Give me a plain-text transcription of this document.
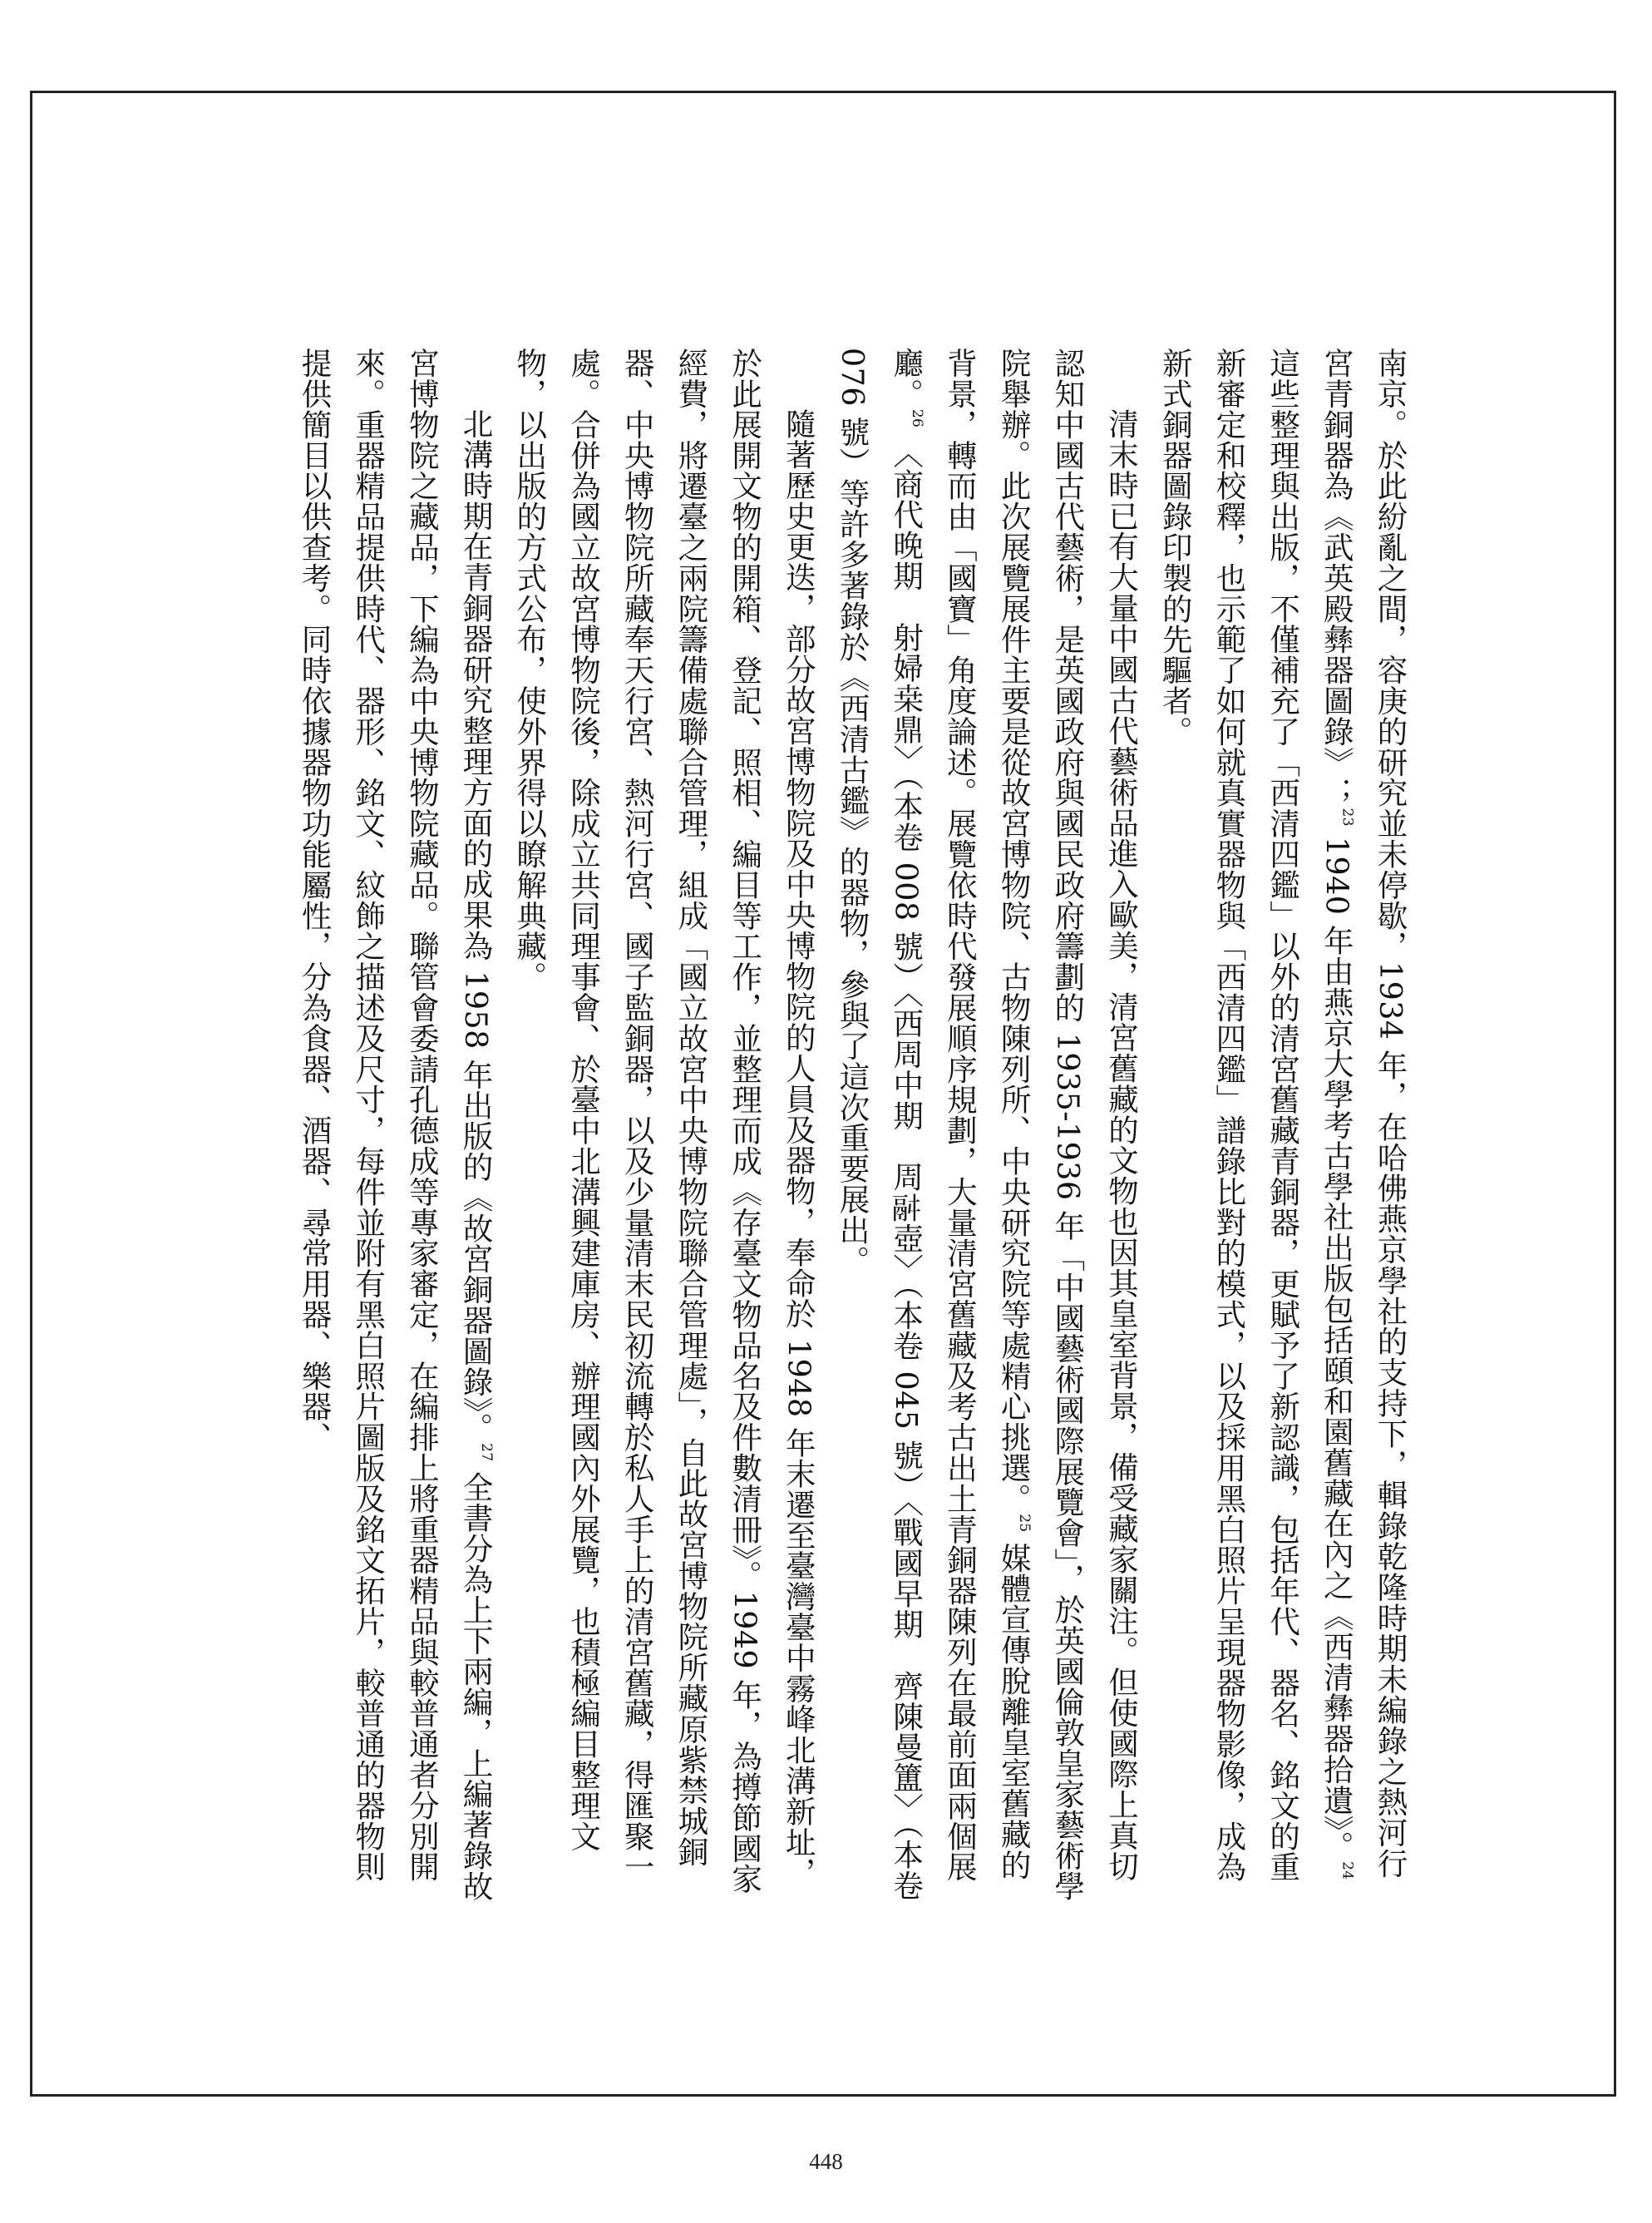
南京。於此紛亂之間，容庚的研究並未停歇，1934 年，在哈佛燕京學社的支持下，輯錄乾隆時期未編錄之熱河行宮青銅器為《武英殿彝器圖錄》；$^{23}$ 1940 年由燕京大學考古學社出版包括頤和園舊藏在內之《西清彝器拾遺》。$^{24}$ 這些整理與出版，不僅補充了「西清四鑑」以外的清宮舊藏青銅器，更賦予了新認識，包括年代、器名、銘文的重新審定和校釋，也示範了如何就真實器物與「西清四鑑」譜錄比對的模式，以及採用黑白照片呈現器物影像，成為新式銅器圖錄印製的先驅者。

清末時已有大量中國古代藝術品進入歐美，清宮舊藏的文物也因其皇室背景，備受藏家關注。但使國際上真切認知中國古代藝術，是英國政府與國民政府籌劃的 1935-1936 年「中國藝術國際展覽會」，於英國倫敦皇家藝術學院舉辦。此次展覽展件主要是從故宮博物院、古物陳列所、中央研究院等處精心挑選。$^{25}$ 媒體宣傳脫離皇室舊藏的背景，轉而由「國寶」角度論述。展覽依時代發展順序規劃，大量清宮舊藏及考古出土青銅器陳列在最前面兩個展廳。$^{26}$ 〈商代晚期　射婦桒鼎〉（本卷 008 號）〈西周中期　周𩰫壺〉（本卷 045 號）〈戰國早期　齊陳曼簠〉（本卷 076 號）等許多著錄於《西清古鑑》的器物，參與了這次重要展出。

隨著歷史更迭，部分故宮博物院及中央博物院的人員及器物，奉命於 1948 年末遷至臺灣臺中霧峰北溝新址，於此展開文物的開箱、登記、照相、編目等工作，並整理而成《存臺文物品名及件數清冊》。1949 年，為撙節國家經費，將遷臺之兩院籌備處聯合管理，組成「國立故宮中央博物院聯合管理處」，自此故宮博物院所藏原紫禁城銅器、中央博物院所藏奉天行宮、熱河行宮、國子監銅器，以及少量清末民初流轉於私人手上的清宮舊藏，得匯聚一處。合併為國立故宮博物院後，除成立共同理事會、於臺中北溝興建庫房、辦理國內外展覽，也積極編目整理文物，以出版的方式公布，使外界得以瞭解典藏。

北溝時期在青銅器研究整理方面的成果為 1958 年出版的《故宮銅器圖錄》。$^{27}$ 全書分為上下兩編，上編著錄故宮博物院之藏品，下編為中央博物院藏品。聯管會委請孔德成等專家審定，在編排上將重器精品與較普通者分別開來。重器精品提供時代、器形、銘文、紋飾之描述及尺寸，每件並附有黑白照片圖版及銘文拓片，較普通的器物則提供簡目以供查考。同時依據器物功能屬性，分為食器、酒器、尋常用器、樂器、

448
